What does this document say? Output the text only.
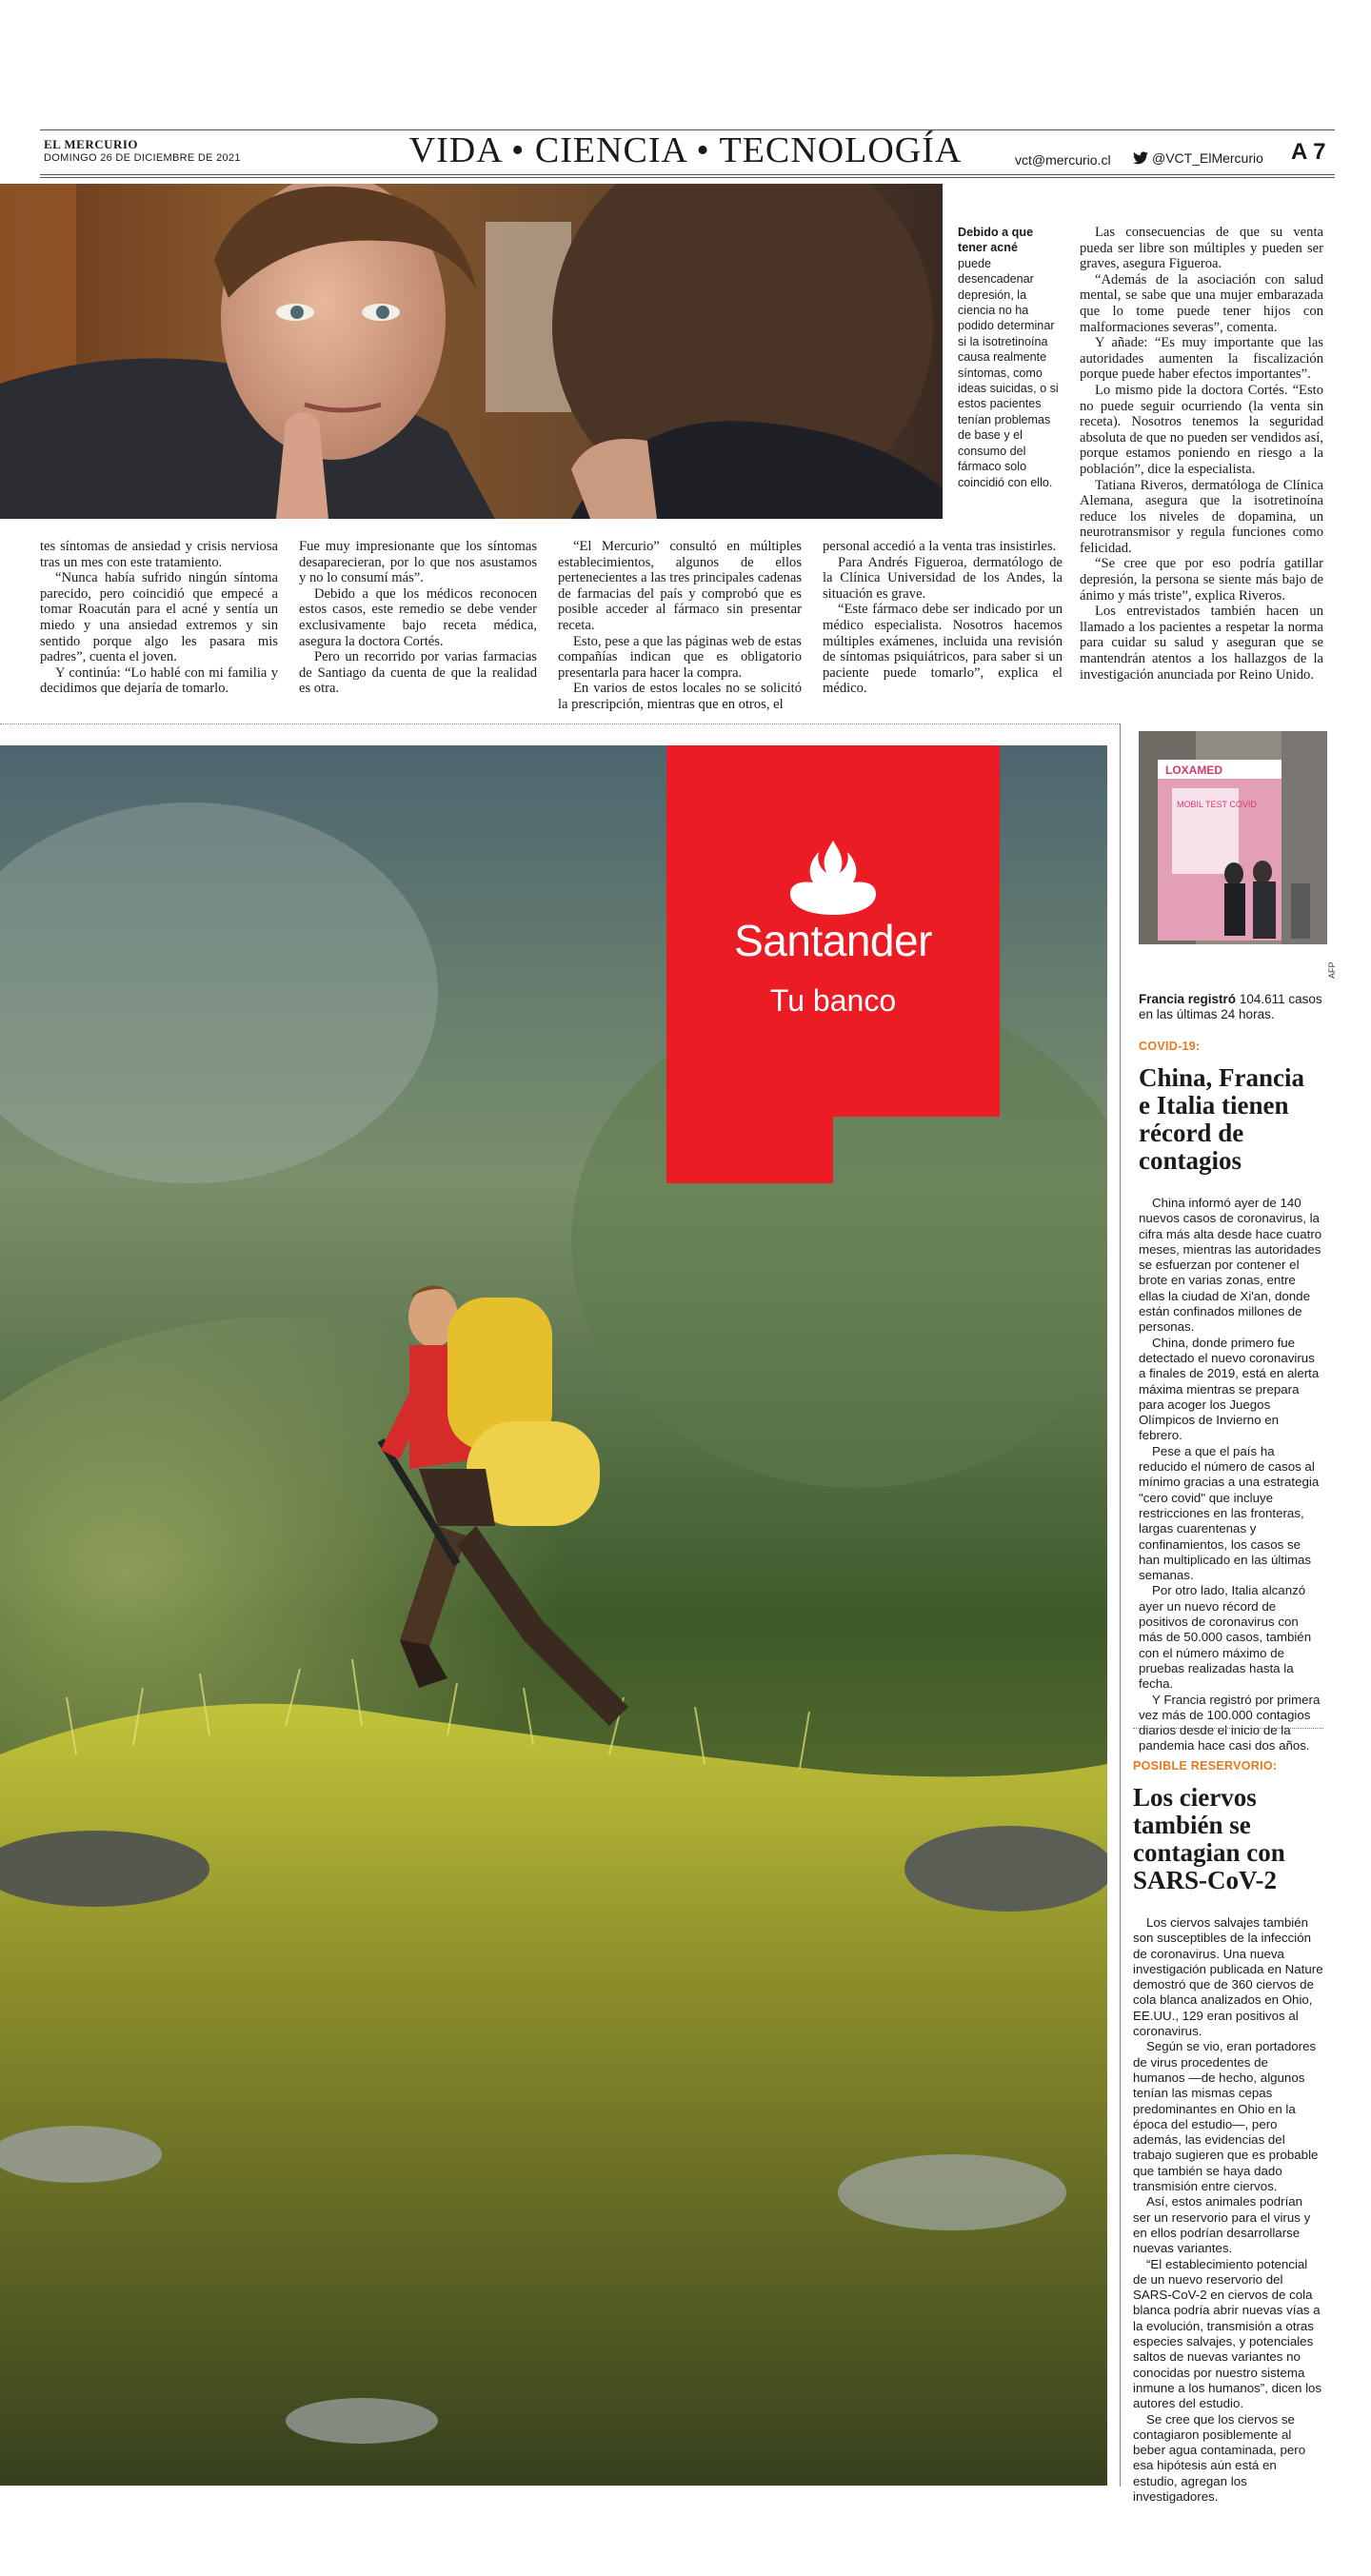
EL MERCURIO
DOMINGO 26 DE DICIEMBRE DE 2021	VIDA • CIENCIA • TECNOLOGÍA	vct@mercurio.cl	@VCT_ElMercurio A 7
Debido a que tener acné
puede desencadenar depresión, la ciencia no ha podido determinar si la isotretinoína causa realmente síntomas, como ideas suicidas, o si estos pacientes tenían problemas de base y el consumo del fármaco solo coincidió con ello.

tes síntomas de ansiedad y crisis nerviosa tras un mes con este tratamiento.

“Nunca había sufrido ningún síntoma parecido, pero coincidió que empecé a tomar Roacután para el acné y sentía un miedo y una ansiedad extremos y sin sentido porque algo les pasara mis padres”, cuenta el joven.

Y continúa: “Lo hablé con mi familia y decidimos que dejaría de tomarlo.

Fue muy impresionante que los síntomas desaparecieran, por lo que nos asustamos y no lo consumí más”.

Debido a que los médicos reconocen estos casos, este remedio se debe vender exclusivamente bajo receta médica, asegura la doctora Cortés.

Pero un recorrido por varias farmacias de Santiago da cuenta de que la realidad es otra.

“El Mercurio” consultó en múltiples establecimientos, algunos de ellos pertenecientes a las tres principales cadenas de farmacias del país y comprobó que es posible acceder al fármaco sin presentar receta.

Esto, pese a que las páginas web de estas compañías indican que es obligatorio presentarla para hacer la compra.

En varios de estos locales no se solicitó la prescripción, mientras que en otros, el

personal accedió a la venta tras insistirles.

Para Andrés Figueroa, dermatólogo de la Clínica Universidad de los Andes, la situación es grave.

“Este fármaco debe ser indicado por un médico especialista. Nosotros hacemos múltiples exámenes, incluida una revisión de síntomas psiquiátricos, para saber si un paciente puede tomarlo”, explica el médico.

Las consecuencias de que su venta pueda ser libre son múltiples y pueden ser graves, asegura Figueroa.

“Además de la asociación con salud mental, se sabe que una mujer embarazada que lo tome puede tener hijos con malformaciones severas”, comenta.

Y añade: “Es muy importante que las autoridades aumenten la fiscalización porque puede haber efectos importantes”.

Lo mismo pide la doctora Cortés. “Esto no puede seguir ocurriendo (la venta sin receta). Nosotros tenemos la seguridad absoluta de que no pueden ser vendidos así, porque estamos poniendo en riesgo a la población”, dice la especialista.

Tatiana Riveros, dermatóloga de Clínica Alemana, asegura que la isotretinoína reduce los niveles de dopamina, un neurotransmisor y regula funciones como felicidad.

“Se cree que por eso podría gatillar depresión, la persona se siente más bajo de ánimo y más triste”, explica Riveros.

Los entrevistados también hacen un llamado a los pacientes a respetar la norma para cuidar su salud y aseguran que se mantendrán atentos a los hallazgos de la investigación anunciada por Reino Unido.

Santander
Tu banco
LOXAMED
MOBIL TEST COVID
AFP
Francia registró 104.611 casos en las últimas 24 horas.
COVID-19:
China, Francia e Italia tienen récord de contagios

China informó ayer de 140 nuevos casos de coronavirus, la cifra más alta desde hace cuatro meses, mientras las autoridades se esfuerzan por contener el brote en varias zonas, entre ellas la ciudad de Xi'an, donde están confinados millones de personas.

China, donde primero fue detectado el nuevo coronavirus a finales de 2019, está en alerta máxima mientras se prepara para acoger los Juegos Olímpicos de Invierno en febrero.

Pese a que el país ha reducido el número de casos al mínimo gracias a una estrategia "cero covid" que incluye restricciones en las fronteras, largas cuarentenas y confinamientos, los casos se han multiplicado en las últimas semanas.

Por otro lado, Italia alcanzó ayer un nuevo récord de positivos de coronavirus con más de 50.000 casos, también con el número máximo de pruebas realizadas hasta la fecha.

Y Francia registró por primera vez más de 100.000 contagios diarios desde el inicio de la pandemia hace casi dos años.

POSIBLE RESERVORIO:
Los ciervos también se contagian con SARS-CoV-2

Los ciervos salvajes también son susceptibles de la infección de coronavirus. Una nueva investigación publicada en Nature demostró que de 360 ciervos de cola blanca analizados en Ohio, EE.UU., 129 eran positivos al coronavirus.

Según se vio, eran portadores de virus procedentes de humanos —de hecho, algunos tenían las mismas cepas predominantes en Ohio en la época del estudio—, pero además, las evidencias del trabajo sugieren que es probable que también se haya dado transmisión entre ciervos.

Así, estos animales podrían ser un reservorio para el virus y en ellos podrían desarrollarse nuevas variantes.

“El establecimiento potencial de un nuevo reservorio del SARS-CoV-2 en ciervos de cola blanca podría abrir nuevas vías a la evolución, transmisión a otras especies salvajes, y potenciales saltos de nuevas variantes no conocidas por nuestro sistema inmune a los humanos”, dicen los autores del estudio.

Se cree que los ciervos se contagiaron posiblemente al beber agua contaminada, pero esa hipótesis aún está en estudio, agregan los investigadores.
